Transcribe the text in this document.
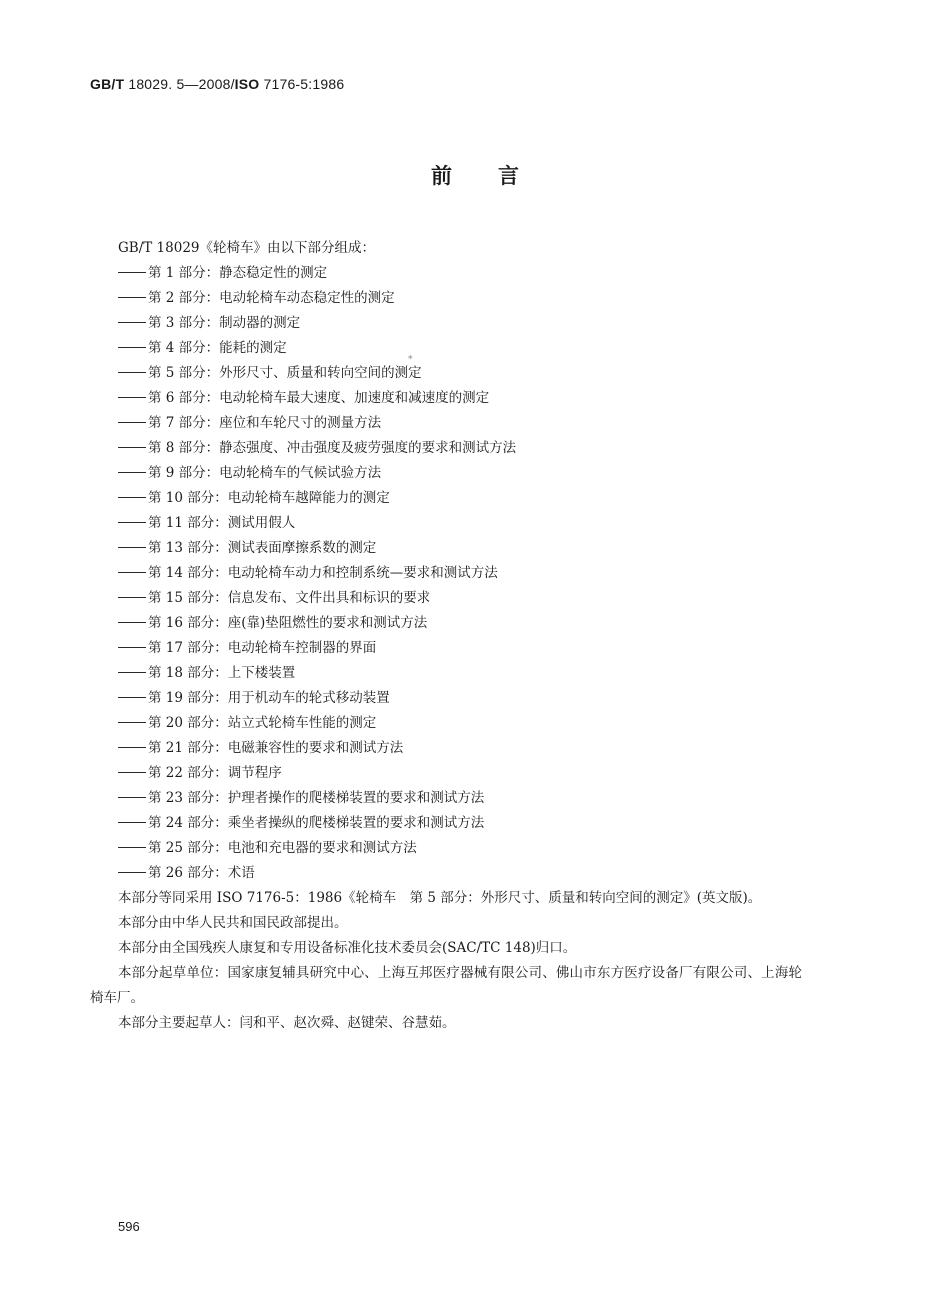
GB/T 18029. 5—2008/ISO 7176-5:1986
前言
GB/T 18029《轮椅车》由以下部分组成：
第 1 部分：静态稳定性的测定
第 2 部分：电动轮椅车动态稳定性的测定
第 3 部分：制动器的测定
第 4 部分：能耗的测定
第 5 部分：外形尺寸、质量和转向空间的测定
第 6 部分：电动轮椅车最大速度、加速度和减速度的测定
第 7 部分：座位和车轮尺寸的测量方法
第 8 部分：静态强度、冲击强度及疲劳强度的要求和测试方法
第 9 部分：电动轮椅车的气候试验方法
第 10 部分：电动轮椅车越障能力的测定
第 11 部分：测试用假人
第 13 部分：测试表面摩擦系数的测定
第 14 部分：电动轮椅车动力和控制系统—要求和测试方法
第 15 部分：信息发布、文件出具和标识的要求
第 16 部分：座(靠)垫阻燃性的要求和测试方法
第 17 部分：电动轮椅车控制器的界面
第 18 部分：上下楼装置
第 19 部分：用于机动车的轮式移动装置
第 20 部分：站立式轮椅车性能的测定
第 21 部分：电磁兼容性的要求和测试方法
第 22 部分：调节程序
第 23 部分：护理者操作的爬楼梯装置的要求和测试方法
第 24 部分：乘坐者操纵的爬楼梯装置的要求和测试方法
第 25 部分：电池和充电器的要求和测试方法
第 26 部分：术语
本部分等同采用 ISO 7176-5：1986《轮椅车　第 5 部分：外形尺寸、质量和转向空间的测定》(英文版)。
本部分由中华人民共和国民政部提出。
本部分由全国残疾人康复和专用设备标准化技术委员会(SAC/TC 148)归口。
本部分起草单位：国家康复辅具研究中心、上海互邦医疗器械有限公司、佛山市东方医疗设备厂有限公司、上海轮椅车厂。
本部分主要起草人：闫和平、赵次舜、赵键荣、谷慧茹。
*
596
